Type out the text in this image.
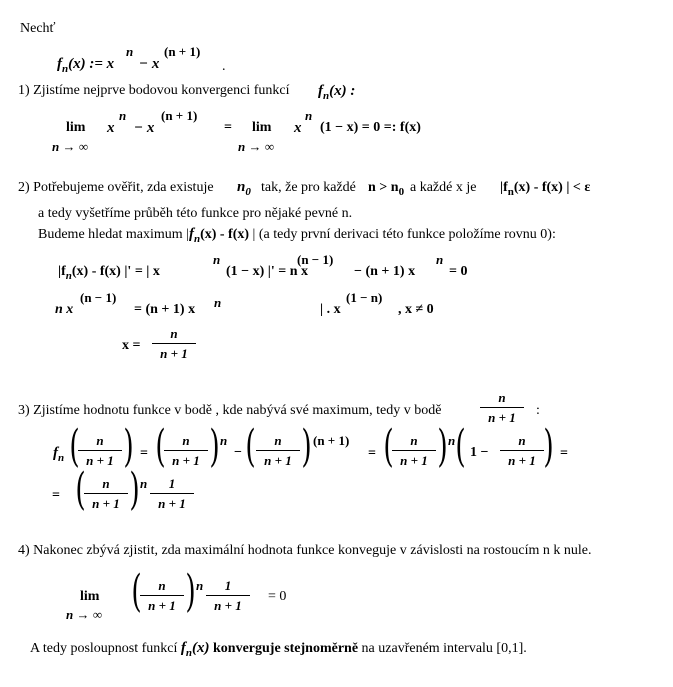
Nechť
$f_n(x)$ := x
n
− x
(n + 1)
.
1) Zjistíme nejprve bodovou konvergenci funkcí $f_n(x)$ :
lim
n → ∞
x
n
− x
(n + 1)
= lim
n → ∞
x
n
(1 − x) = 0 =: f(x)
2) Potřebujeme ověřit, zda existuje $n_0$ tak, že pro každé $n > n_0$ a každé x je $|f_n(x) - f(x)$ | < ε
a tedy vyšetříme průběh této funkce pro nějaké pevné n.
Budeme hledat maximum $|f_n(x) - f(x)$ | (a tedy první derivaci této funkce položíme rovnu 0):
$|f_n(x) - f(x)$ |' = | x
n
(1 − x) |' = n x
(n − 1)
− (n + 1) x
n
= 0
n x
(n − 1)
= (n + 1) x n	| . x
(1 − n)
, x ≠ 0
x =
n
n + 1
3) Zjistíme hodnotu funkce v bodě , kde nabývá své maximum, tedy v bodě
n
n + 1	:
$f_n$ (	n
n + 1 ) = (	n
n + 1 ) n
− (	n
n + 1 ) (n + 1)
= (	n
n + 1 ) n ( 1 −
n
n + 1 ) =
= (	n
n + 1 ) n	1
n + 1
4) Nakonec zbývá zjistit, zda maximální hodnota funkce konveguje v závislosti na rostoucím n k nule.
lim
n → ∞ (	n
n + 1 ) n	1
n + 1
= 0
A tedy posloupnost funkcí $f_n(x)$ konverguje stejnoměrně na uzavřeném intervalu [0,1].
